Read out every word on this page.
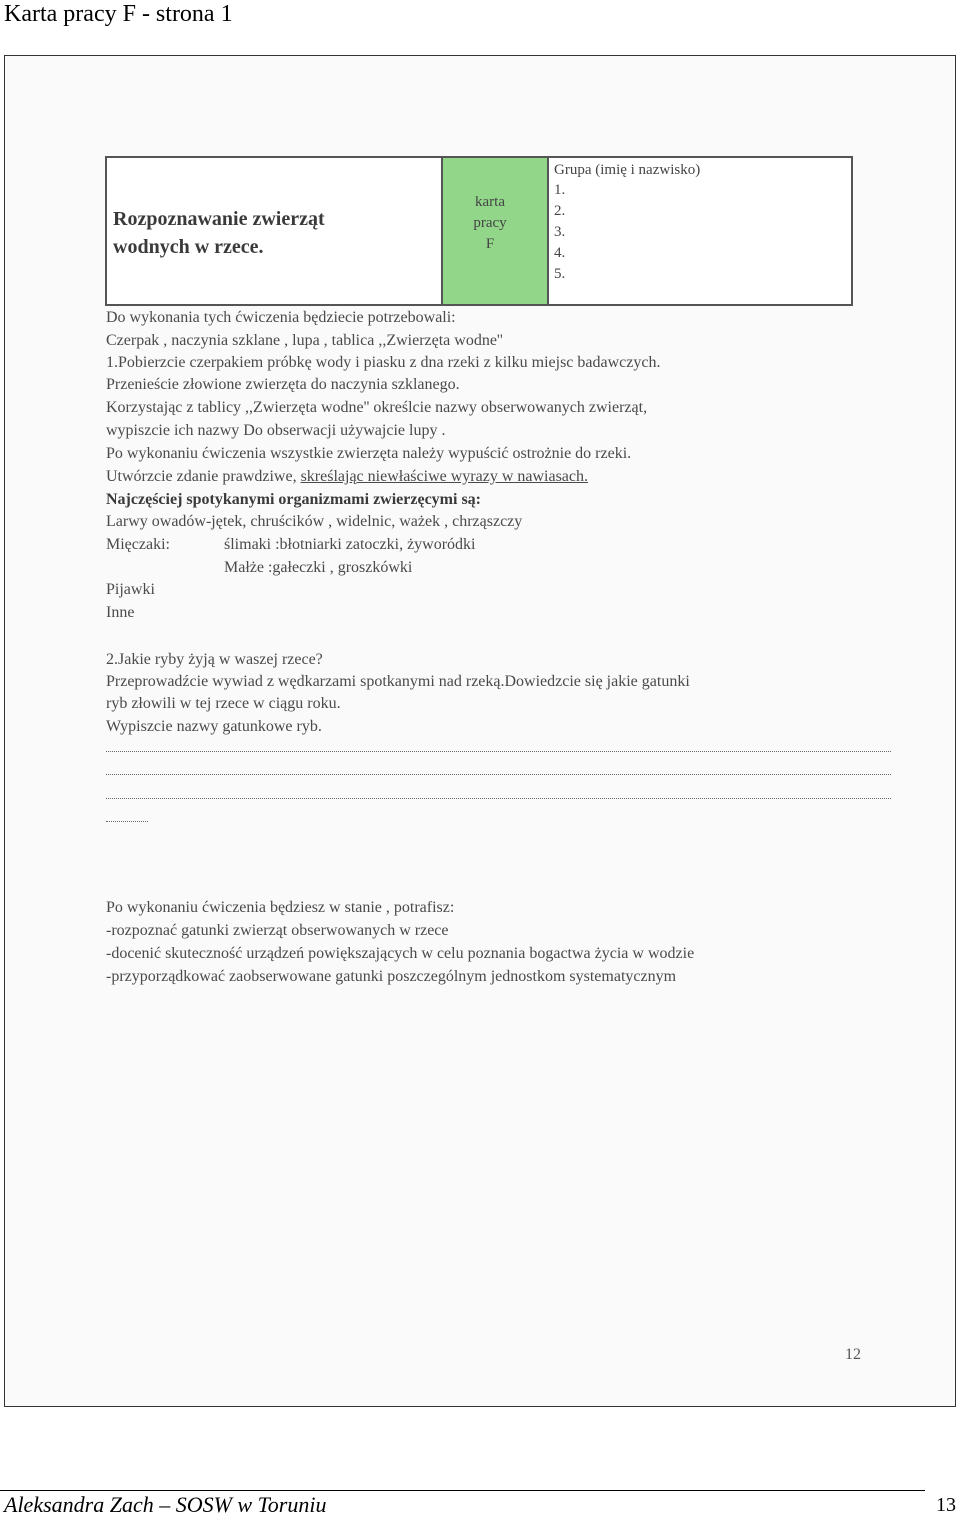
Karta pracy F - strona 1
Rozpoznawanie zwierząt
wodnych w rzece.
karta
pracy
F
Grupa (imię i nazwisko)
1.
2.
3.
4.
5.
Do wykonania tych ćwiczenia będziecie potrzebowali:
Czerpak , naczynia szklane , lupa , tablica ,,Zwierzęta wodne''
1.Pobierzcie czerpakiem próbkę wody i piasku z dna rzeki z kilku miejsc badawczych.
Przenieście złowione zwierzęta do naczynia szklanego.
Korzystając z tablicy ,,Zwierzęta wodne'' określcie nazwy obserwowanych zwierząt,
wypiszcie ich nazwy Do obserwacji używajcie lupy .
Po wykonaniu ćwiczenia wszystkie zwierzęta należy wypuścić ostrożnie do rzeki.
Utwórzcie zdanie prawdziwe, skreślając niewłaściwe wyrazy w nawiasach.
Najczęściej spotykanymi organizmami zwierzęcymi są:
Larwy owadów-jętek, chruścików , widelnic, ważek , chrząszczy
Mięczaki:	ślimaki :błotniarki zatoczki, żyworódki
Małże :gałeczki , groszkówki
Pijawki
Inne
2.Jakie ryby żyją w waszej rzece?
Przeprowadźcie wywiad z wędkarzami spotkanymi nad rzeką.Dowiedzcie się jakie gatunki
ryb złowili w tej rzece w ciągu roku.
Wypiszcie nazwy gatunkowe ryb.
Po wykonaniu ćwiczenia będziesz w stanie , potrafisz:
-rozpoznać gatunki zwierząt obserwowanych w rzece
-docenić skuteczność urządzeń powiększających w celu poznania bogactwa życia w wodzie
-przyporządkować zaobserwowane gatunki poszczególnym jednostkom systematycznym
12
Aleksandra Zach – SOSW w Toruniu	13
